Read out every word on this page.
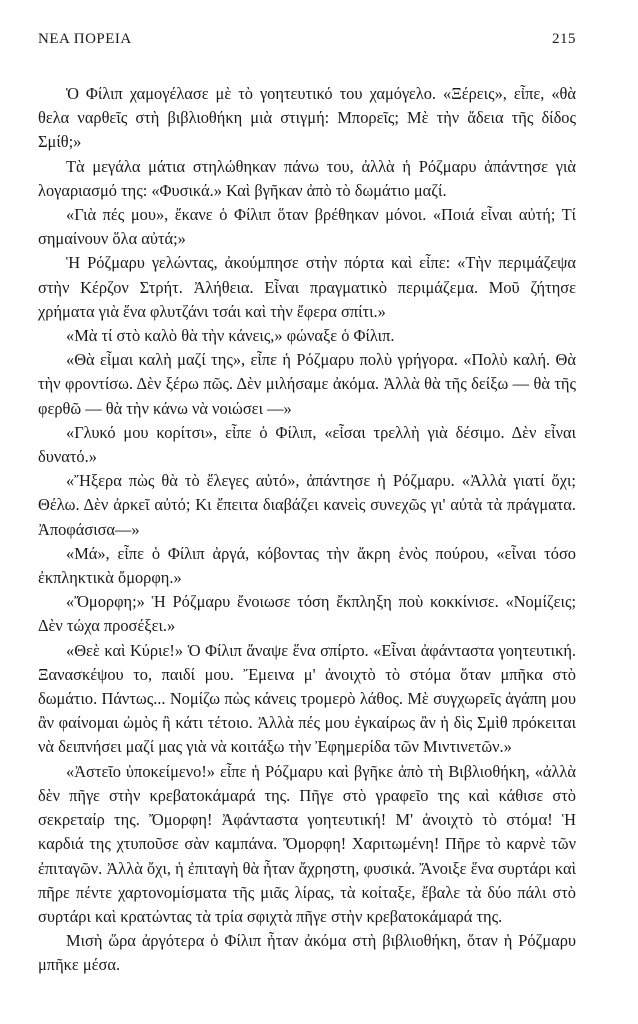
ΝΕΑ ΠΟΡΕΙΑ	215

Ὁ Φίλιπ χαμογέλασε μὲ τὸ γοητευτικό του χαμόγελο. «Ξέρεις», εἶπε, «θὰ θελα ναρθεῖς στὴ βιβλιοθήκη μιὰ στιγμή: Μπορεῖς; Μὲ τὴν ἄδεια τῆς δίδος Σμίθ;»

Τὰ μεγάλα μάτια στηλώθηκαν πάνω του, ἀλλὰ ἡ Ρόζμαρυ ἀπάντησε γιὰ λογαριασμό της: «Φυσικά.» Καὶ βγῆκαν ἀπὸ τὸ δωμάτιο μαζί.

«Γιὰ πές μου», ἔκανε ὁ Φίλιπ ὅταν βρέθηκαν μόνοι. «Ποιά εἶναι αὐτή; Τί σημαίνουν ὅλα αὐτά;»

Ἡ Ρόζμαρυ γελώντας, ἀκούμπησε στὴν πόρτα καὶ εἶπε: «Τὴν περιμάζεψα στὴν Κέρζον Στρήτ. Ἀλήθεια. Εἶναι πραγματικὸ περιμάζεμα. Μοῦ ζήτησε χρήματα γιὰ ἕνα φλυτζάνι τσάι καὶ τὴν ἔφερα σπίτι.»

«Μὰ τί στὸ καλὸ θὰ τὴν κάνεις,» φώναξε ὁ Φίλιπ.

«Θὰ εἶμαι καλὴ μαζί της», εἶπε ἡ Ρόζμαρυ πολὺ γρήγορα. «Πολὺ καλή. Θὰ τὴν φροντίσω. Δὲν ξέρω πῶς. Δὲν μιλήσαμε ἀκόμα. Ἀλλὰ θὰ τῆς δείξω — θὰ τῆς φερθῶ — θὰ τὴν κάνω νὰ νοιώσει —»

«Γλυκό μου κορίτσι», εἶπε ὁ Φίλιπ, «εἶσαι τρελλὴ γιὰ δέσιμο. Δὲν εἶναι δυνατό.»

«Ἤξερα πὼς θὰ τὸ ἔλεγες αὐτό», ἀπάντησε ἡ Ρόζμαρυ. «Ἀλλὰ γιατί ὄχι; Θέλω. Δὲν ἀρκεῖ αὐτό; Κι ἔπειτα διαβάζει κανεὶς συνεχῶς γι' αὐτὰ τὰ πράγματα. Ἀποφάσισα—»

«Μά», εἶπε ὁ Φίλιπ ἀργά, κόβοντας τὴν ἄκρη ἑνὸς πούρου, «εἶναι τόσο ἐκπληκτικὰ ὄμορφη.»

«Ὄμορφη;» Ἡ Ρόζμαρυ ἔνοιωσε τόση ἔκπληξη ποὺ κοκκίνισε. «Νομίζεις; Δὲν τώχα προσέξει.»

«Θεὲ καὶ Κύριε!» Ὁ Φίλιπ ἄναψε ἕνα σπίρτο. «Εἶναι ἀφάνταστα γοητευτική. Ξανασκέψου το, παιδί μου. Ἔμεινα μ' ἀνοιχτὸ τὸ στόμα ὅταν μπῆκα στὸ δωμάτιο. Πάντως... Νομίζω πὼς κάνεις τρομερὸ λάθος. Μὲ συγχωρεῖς ἀγάπη μου ἂν φαίνομαι ὠμὸς ἢ κάτι τέτοιο. Ἀλλὰ πές μου ἐγκαίρως ἂν ἡ δὶς Σμὶθ πρόκειται νὰ δειπνήσει μαζί μας γιὰ νὰ κοιτάξω τὴν Ἐφημερίδα τῶν Μιντινετῶν.»

«Ἀστεῖο ὑποκείμενο!» εἶπε ἡ Ρόζμαρυ καὶ βγῆκε ἀπὸ τὴ Βιβλιοθήκη, «ἀλλὰ δὲν πῆγε στὴν κρεβατοκάμαρά της. Πῆγε στὸ γραφεῖο της καὶ κάθισε στὸ σεκρεταίρ της. Ὄμορφη! Ἀφάνταστα γοητευτική! Μ' ἀνοιχτὸ τὸ στόμα! Ἡ καρδιά της χτυποῦσε σὰν καμπάνα. Ὄμορφη! Χαριτωμένη! Πῆρε τὸ καρνὲ τῶν ἐπιταγῶν. Ἀλλὰ ὄχι, ἡ ἐπιταγὴ θὰ ἦταν ἄχρηστη, φυσικά. Ἄνοιξε ἕνα συρτάρι καὶ πῆρε πέντε χαρτονομίσματα τῆς μιᾶς λίρας, τὰ κοίταξε, ἔβαλε τὰ δύο πάλι στὸ συρτάρι καὶ κρατώντας τὰ τρία σφιχτὰ πῆγε στὴν κρεβατοκάμαρά της.

Μισὴ ὥρα ἀργότερα ὁ Φίλιπ ἦταν ἀκόμα στὴ βιβλιοθήκη, ὅταν ἡ Ρόζμαρυ μπῆκε μέσα.
